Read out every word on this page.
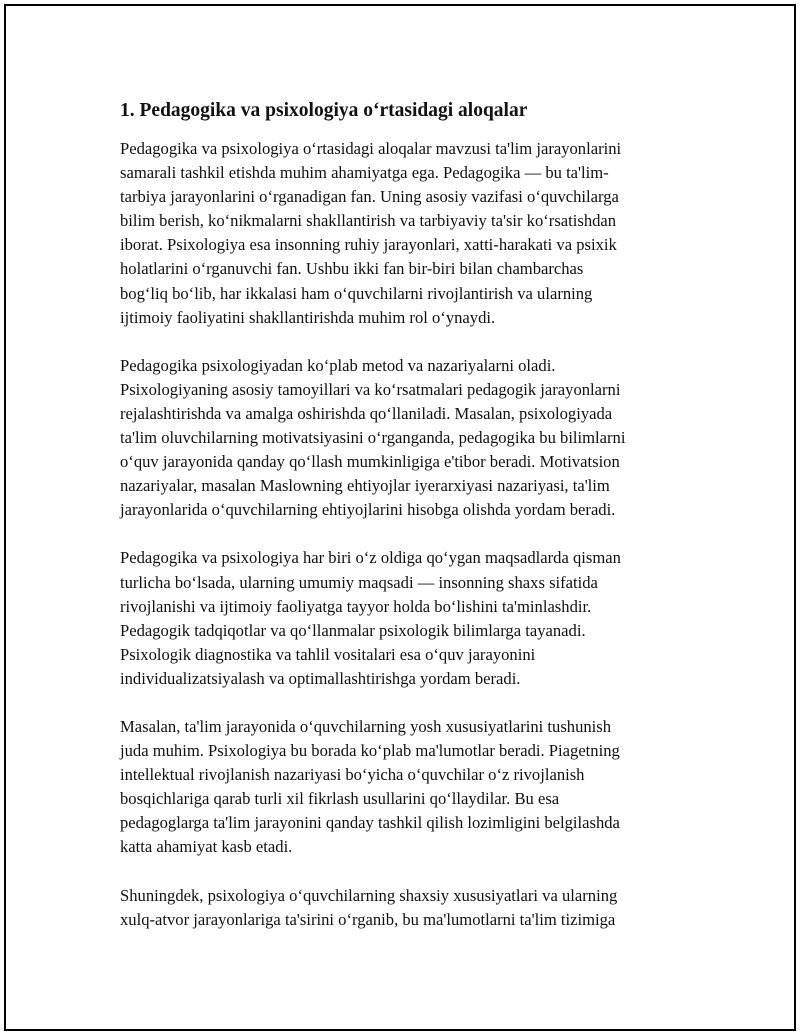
1. Pedagogika va psixologiya o‘rtasidagi aloqalar

Pedagogika va psixologiya o‘rtasidagi aloqalar mavzusi ta'lim jarayonlarini
samarali tashkil etishda muhim ahamiyatga ega. Pedagogika — bu ta'lim-
tarbiya jarayonlarini o‘rganadigan fan. Uning asosiy vazifasi o‘quvchilarga
bilim berish, ko‘nikmalarni shakllantirish va tarbiyaviy ta'sir ko‘rsatishdan
iborat. Psixologiya esa insonning ruhiy jarayonlari, xatti-harakati va psixik
holatlarini o‘rganuvchi fan. Ushbu ikki fan bir-biri bilan chambarchas
bog‘liq bo‘lib, har ikkalasi ham o‘quvchilarni rivojlantirish va ularning
ijtimoiy faoliyatini shakllantirishda muhim rol o‘ynaydi.

Pedagogika psixologiyadan ko‘plab metod va nazariyalarni oladi.
Psixologiyaning asosiy tamoyillari va ko‘rsatmalari pedagogik jarayonlarni
rejalashtirishda va amalga oshirishda qo‘llaniladi. Masalan, psixologiyada
ta'lim oluvchilarning motivatsiyasini o‘rganganda, pedagogika bu bilimlarni
o‘quv jarayonida qanday qo‘llash mumkinligiga e'tibor beradi. Motivatsion
nazariyalar, masalan Maslowning ehtiyojlar iyerarxiyasi nazariyasi, ta'lim
jarayonlarida o‘quvchilarning ehtiyojlarini hisobga olishda yordam beradi.

Pedagogika va psixologiya har biri o‘z oldiga qo‘ygan maqsadlarda qisman
turlicha bo‘lsada, ularning umumiy maqsadi — insonning shaxs sifatida
rivojlanishi va ijtimoiy faoliyatga tayyor holda bo‘lishini ta'minlashdir.
Pedagogik tadqiqotlar va qo‘llanmalar psixologik bilimlarga tayanadi.
Psixologik diagnostika va tahlil vositalari esa o‘quv jarayonini
individualizatsiyalash va optimallashtirishga yordam beradi.

Masalan, ta'lim jarayonida o‘quvchilarning yosh xususiyatlarini tushunish
juda muhim. Psixologiya bu borada ko‘plab ma'lumotlar beradi. Piagetning
intellektual rivojlanish nazariyasi bo‘yicha o‘quvchilar o‘z rivojlanish
bosqichlariga qarab turli xil fikrlash usullarini qo‘llaydilar. Bu esa
pedagoglarga ta'lim jarayonini qanday tashkil qilish lozimligini belgilashda
katta ahamiyat kasb etadi.

Shuningdek, psixologiya o‘quvchilarning shaxsiy xususiyatlari va ularning
xulq-atvor jarayonlariga ta'sirini o‘rganib, bu ma'lumotlarni ta'lim tizimiga
